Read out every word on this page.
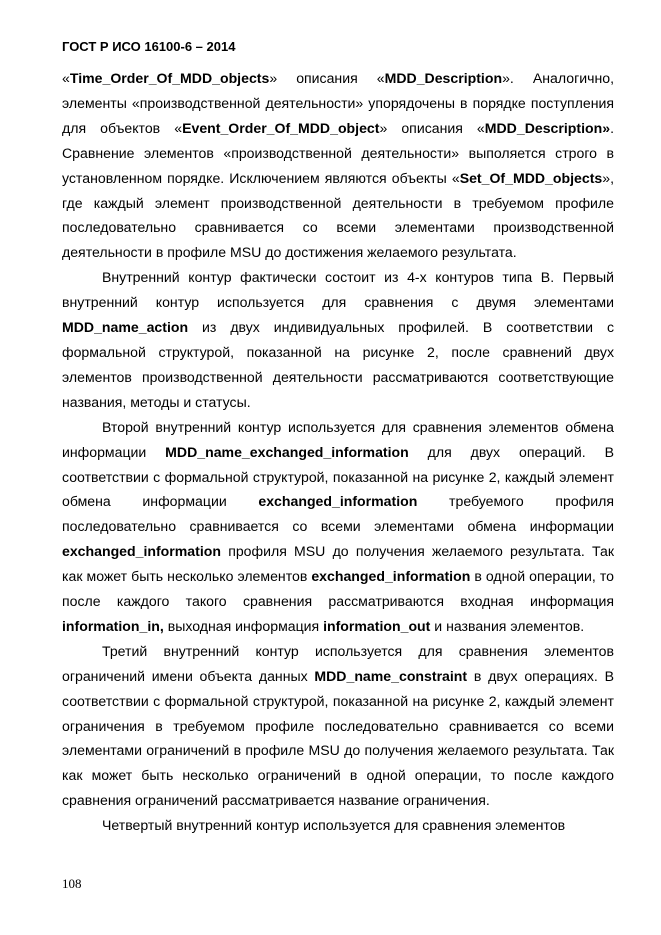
ГОСТ Р ИСО 16100-6 – 2014

«Time_Order_Of_MDD_objects» описания «MDD_Description». Аналогично, элементы «производственной деятельности» упорядочены в порядке поступления для объектов «Event_Order_Of_MDD_object» описания «MDD_Description». Сравнение элементов «производственной деятельности» выполяется строго в установленном порядке. Исключением являются объекты «Set_Of_MDD_objects», где каждый элемент производственной деятельности в требуемом профиле последовательно сравнивается со всеми элементами производственной деятельности в профиле MSU до достижения желаемого результата.

Внутренний контур фактически состоит из 4-х контуров типа B. Первый внутренний контур используется для сравнения с двумя элементами MDD_name_action из двух индивидуальных профилей. В соответствии с формальной структурой, показанной на рисунке 2, после сравнений двух элементов производственной деятельности рассматриваются соответствующие названия, методы и статусы.

Второй внутренний контур используется для сравнения элементов обмена информации MDD_name_exchanged_information для двух операций. В соответствии с формальной структурой, показанной на рисунке 2, каждый элемент обмена информации exchanged_information требуемого профиля последовательно сравнивается со всеми элементами обмена информации exchanged_information профиля MSU до получения желаемого результата. Так как может быть несколько элементов exchanged_information в одной операции, то после каждого такого сравнения рассматриваются входная информация information_in, выходная информация information_out и названия элементов.

Третий внутренний контур используется для сравнения элементов ограничений имени объекта данных MDD_name_constraint в двух операциях. В соответствии с формальной структурой, показанной на рисунке 2, каждый элемент ограничения в требуемом профиле последовательно сравнивается со всеми элементами ограничений в профиле MSU до получения желаемого результата. Так как может быть несколько ограничений в одной операции, то после каждого сравнения ограничений рассматривается название ограничения.

Четвертый внутренний контур используется для сравнения элементов

108
